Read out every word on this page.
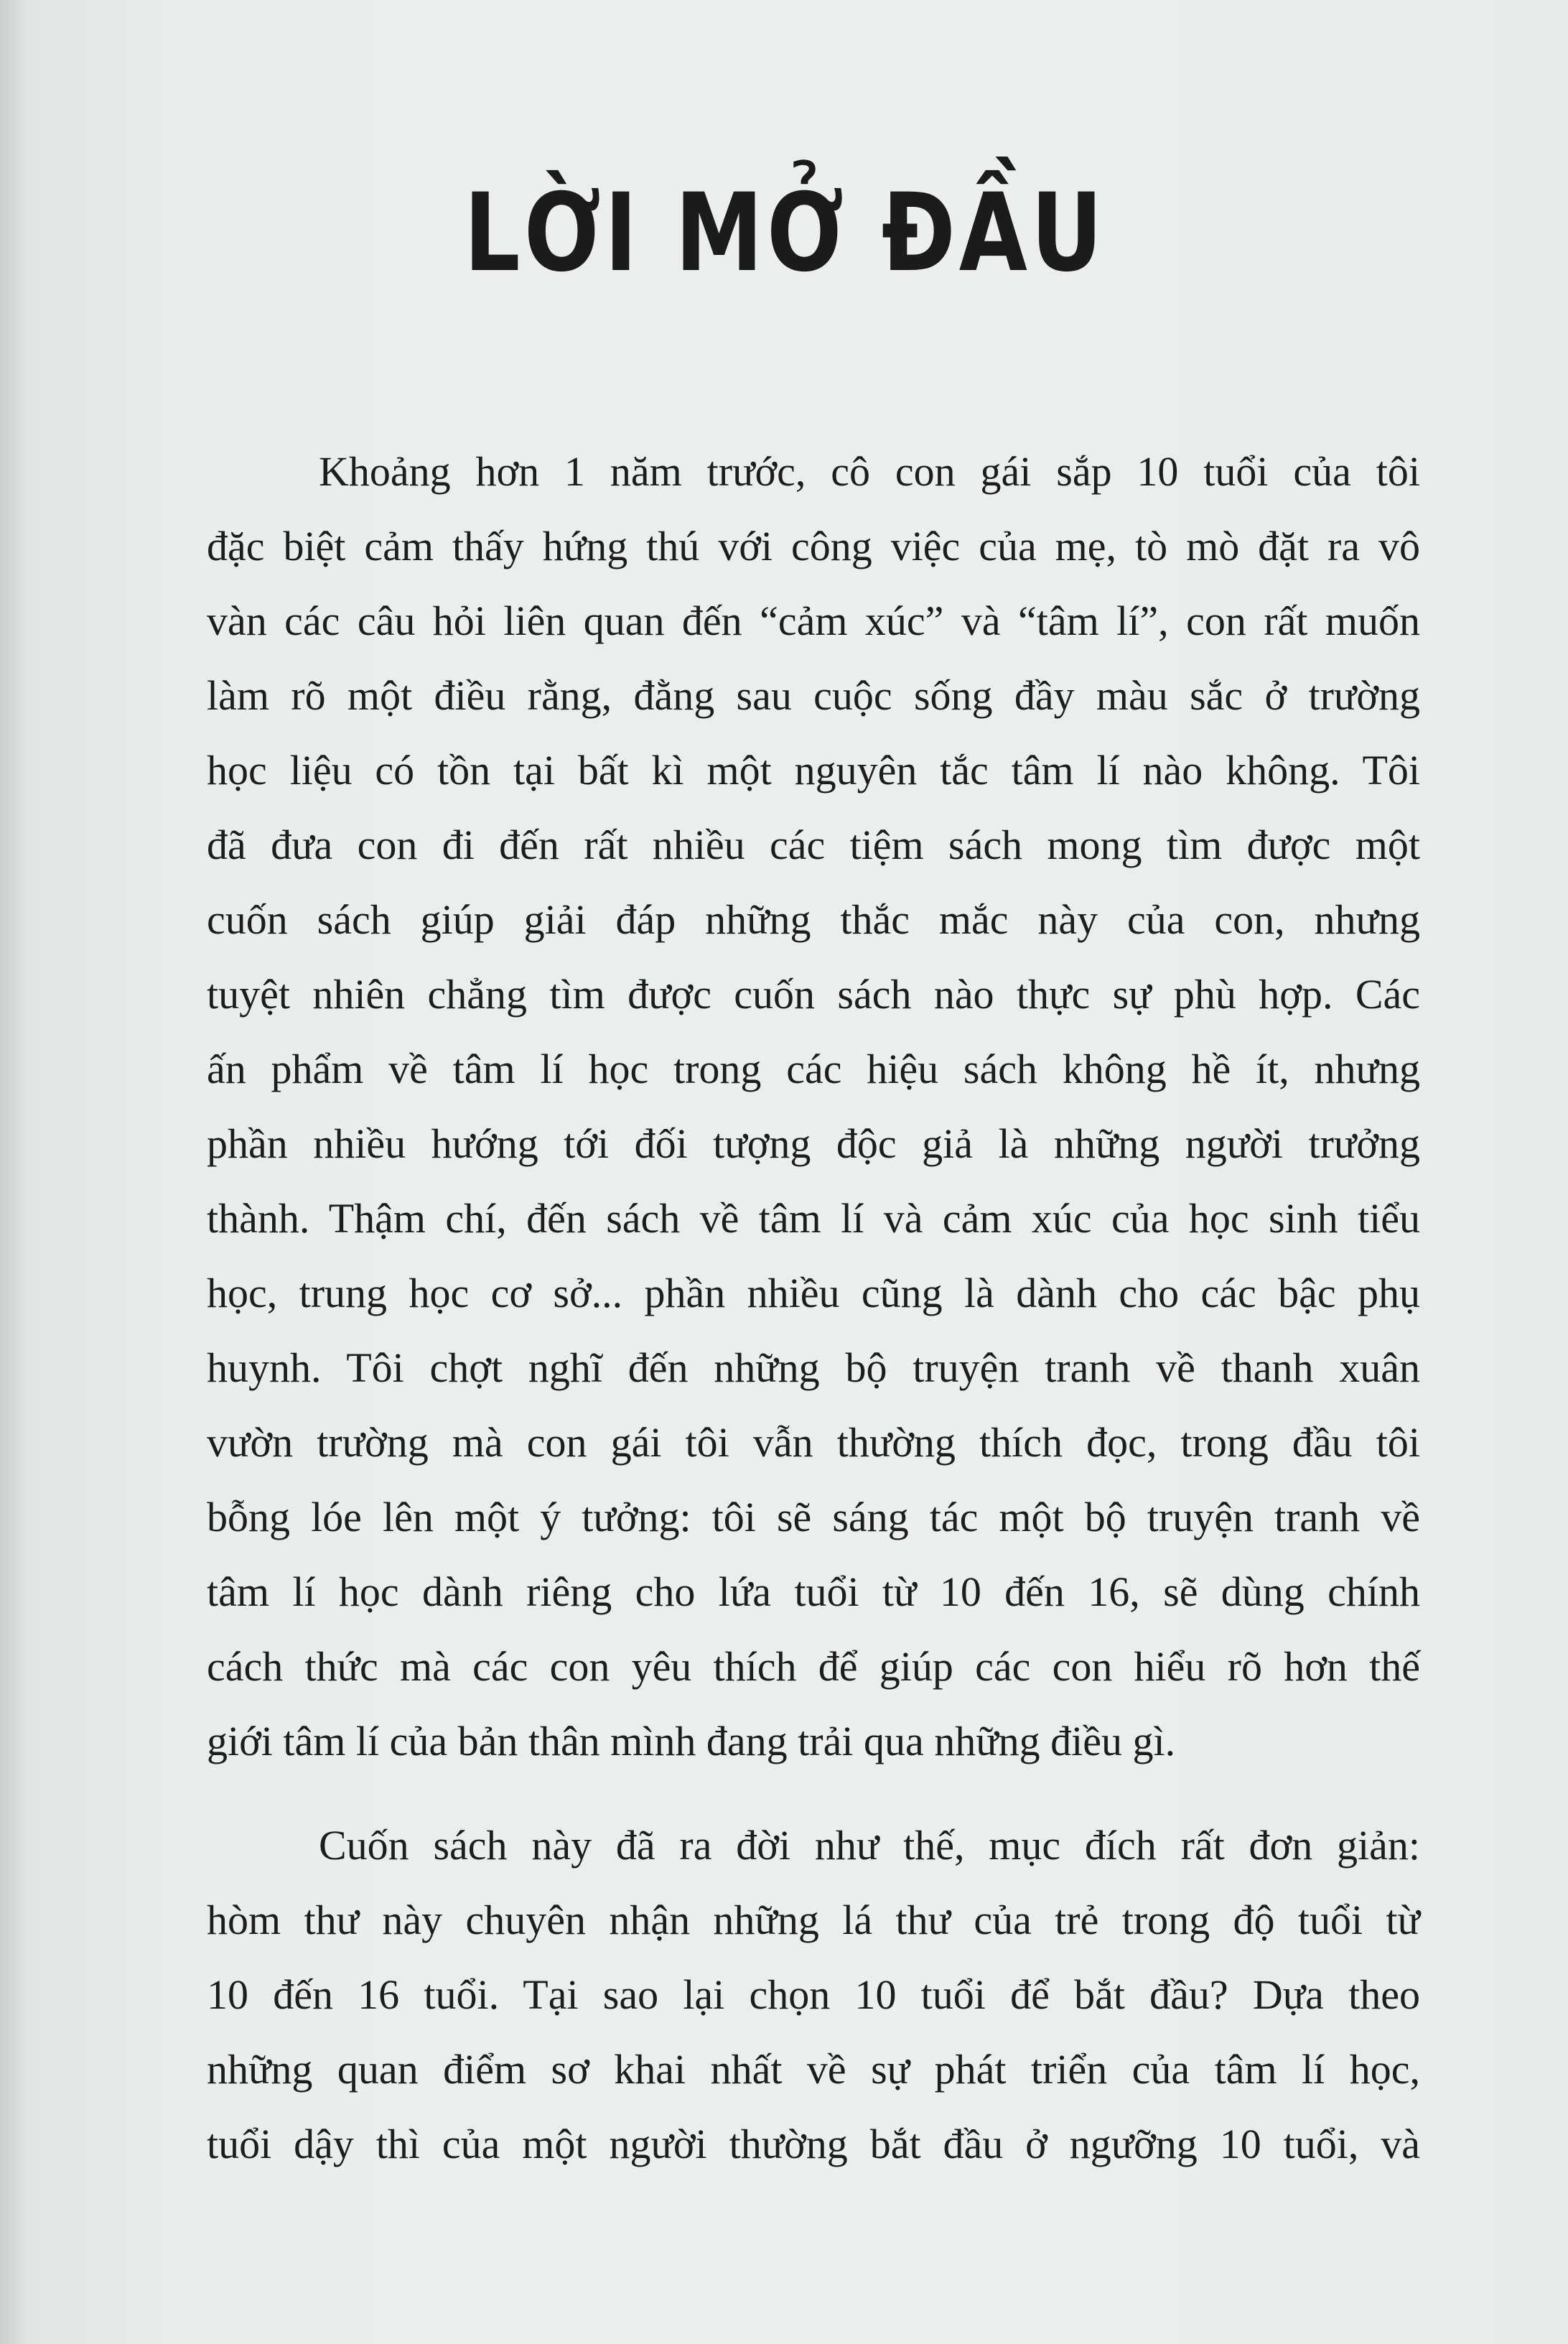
LỜI MỞ ĐẦU

Khoảng hơn 1 năm trước, cô con gái sắp 10 tuổi của tôi
đặc biệt cảm thấy hứng thú với công việc của mẹ, tò mò đặt ra vô
vàn các câu hỏi liên quan đến “cảm xúc” và “tâm lí”, con rất muốn
làm rõ một điều rằng, đằng sau cuộc sống đầy màu sắc ở trường
học liệu có tồn tại bất kì một nguyên tắc tâm lí nào không. Tôi
đã đưa con đi đến rất nhiều các tiệm sách mong tìm được một
cuốn sách giúp giải đáp những thắc mắc này của con, nhưng
tuyệt nhiên chẳng tìm được cuốn sách nào thực sự phù hợp. Các
ấn phẩm về tâm lí học trong các hiệu sách không hề ít, nhưng
phần nhiều hướng tới đối tượng độc giả là những người trưởng
thành. Thậm chí, đến sách về tâm lí và cảm xúc của học sinh tiểu
học, trung học cơ sở... phần nhiều cũng là dành cho các bậc phụ
huynh. Tôi chợt nghĩ đến những bộ truyện tranh về thanh xuân
vườn trường mà con gái tôi vẫn thường thích đọc, trong đầu tôi
bỗng lóe lên một ý tưởng: tôi sẽ sáng tác một bộ truyện tranh về
tâm lí học dành riêng cho lứa tuổi từ 10 đến 16, sẽ dùng chính
cách thức mà các con yêu thích để giúp các con hiểu rõ hơn thế
giới tâm lí của bản thân mình đang trải qua những điều gì.

Cuốn sách này đã ra đời như thế, mục đích rất đơn giản:
hòm thư này chuyên nhận những lá thư của trẻ trong độ tuổi từ
10 đến 16 tuổi. Tại sao lại chọn 10 tuổi để bắt đầu? Dựa theo
những quan điểm sơ khai nhất về sự phát triển của tâm lí học,
tuổi dậy thì của một người thường bắt đầu ở ngưỡng 10 tuổi, và
